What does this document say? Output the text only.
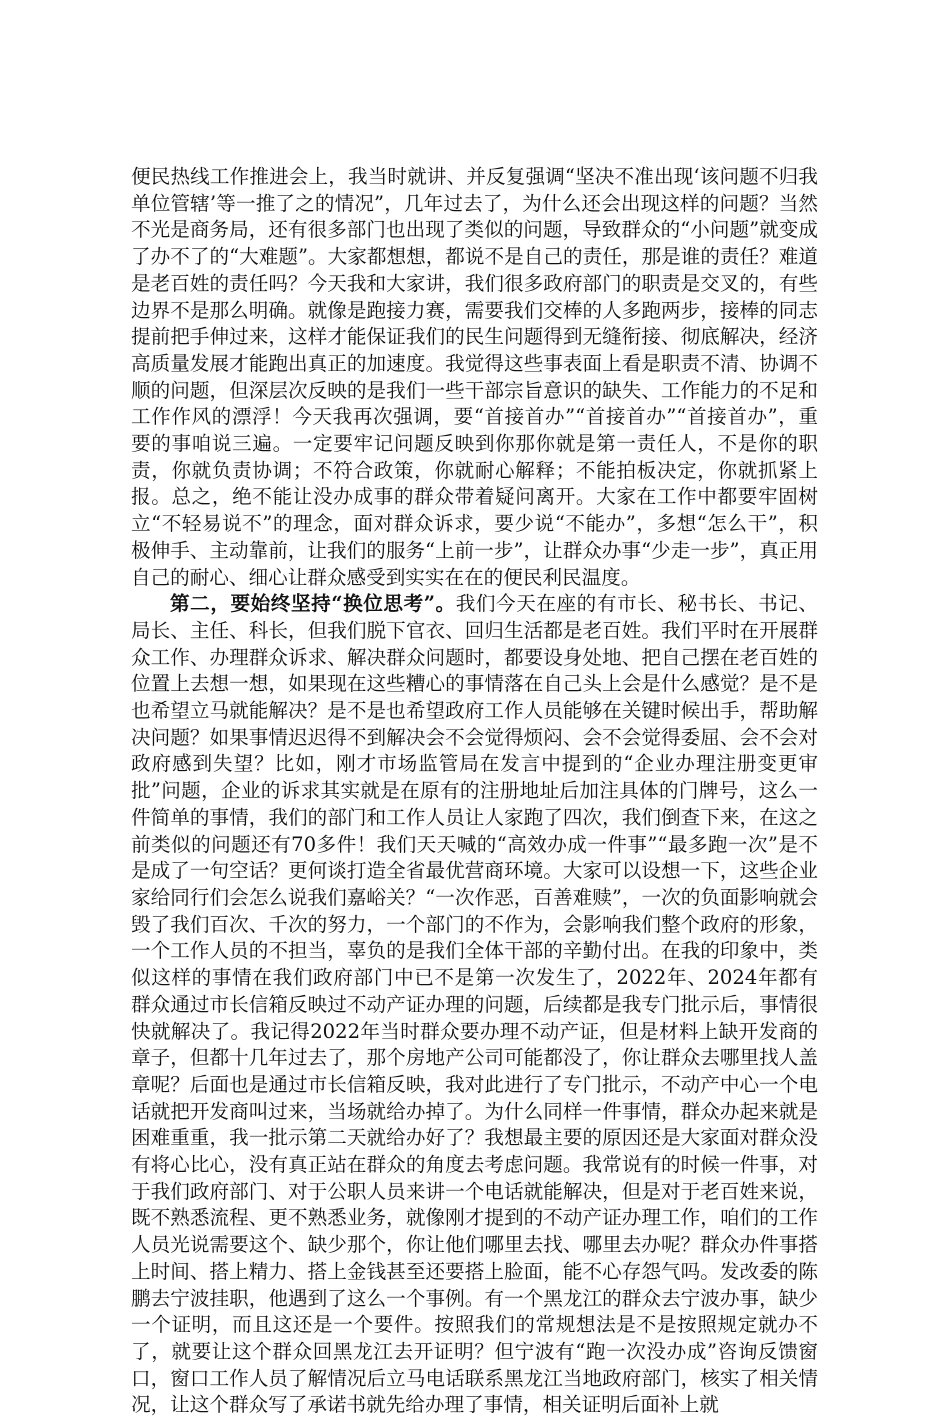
便民热线工作推进会上，我当时就讲、并反复强调“坚决不准出现‘该问题不归我单位管辖’等一推了之的情况”，几年过去了，为什么还会出现这样的问题？当然不光是商务局，还有很多部门也出现了类似的问题，导致群众的“小问题”就变成了办不了的“大难题”。大家都想想，都说不是自己的责任，那是谁的责任？难道是老百姓的责任吗？今天我和大家讲，我们很多政府部门的职责是交叉的，有些边界不是那么明确。就像是跑接力赛，需要我们交棒的人多跑两步，接棒的同志提前把手伸过来，这样才能保证我们的民生问题得到无缝衔接、彻底解决，经济高质量发展才能跑出真正的加速度。我觉得这些事表面上看是职责不清、协调不顺的问题，但深层次反映的是我们一些干部宗旨意识的缺失、工作能力的不足和工作作风的漂浮！今天我再次强调，要“首接首办”“首接首办”“首接首办”，重要的事咱说三遍。一定要牢记问题反映到你那你就是第一责任人，不是你的职责，你就负责协调；不符合政策，你就耐心解释；不能拍板决定，你就抓紧上报。总之，绝不能让没办成事的群众带着疑问离开。大家在工作中都要牢固树立“不轻易说不”的理念，面对群众诉求，要少说“不能办”，多想“怎么干”，积极伸手、主动靠前，让我们的服务“上前一步”，让群众办事“少走一步”，真正用自己的耐心、细心让群众感受到实实在在的便民利民温度。

第二，要始终坚持“换位思考”。我们今天在座的有市长、秘书长、书记、局长、主任、科长，但我们脱下官衣、回归生活都是老百姓。我们平时在开展群众工作、办理群众诉求、解决群众问题时，都要设身处地、把自己摆在老百姓的位置上去想一想，如果现在这些糟心的事情落在自己头上会是什么感觉？是不是也希望立马就能解决？是不是也希望政府工作人员能够在关键时候出手，帮助解决问题？如果事情迟迟得不到解决会不会觉得烦闷、会不会觉得委屈、会不会对政府感到失望？比如，刚才市场监管局在发言中提到的“企业办理注册变更审批”问题，企业的诉求其实就是在原有的注册地址后加注具体的门牌号，这么一件简单的事情，我们的部门和工作人员让人家跑了四次，我们倒查下来，在这之前类似的问题还有70多件！我们天天喊的“高效办成一件事”“最多跑一次”是不是成了一句空话？更何谈打造全省最优营商环境。大家可以设想一下，这些企业家给同行们会怎么说我们嘉峪关？“一次作恶，百善难赎”，一次的负面影响就会毁了我们百次、千次的努力，一个部门的不作为，会影响我们整个政府的形象，一个工作人员的不担当，辜负的是我们全体干部的辛勤付出。在我的印象中，类似这样的事情在我们政府部门中已不是第一次发生了，2022年、2024年都有群众通过市长信箱反映过不动产证办理的问题，后续都是我专门批示后，事情很快就解决了。我记得2022年当时群众要办理不动产证，但是材料上缺开发商的章子，但都十几年过去了，那个房地产公司可能都没了，你让群众去哪里找人盖章呢？后面也是通过市长信箱反映，我对此进行了专门批示，不动产中心一个电话就把开发商叫过来，当场就给办掉了。为什么同样一件事情，群众办起来就是困难重重，我一批示第二天就给办好了？我想最主要的原因还是大家面对群众没有将心比心，没有真正站在群众的角度去考虑问题。我常说有的时候一件事，对于我们政府部门、对于公职人员来讲一个电话就能解决，但是对于老百姓来说，既不熟悉流程、更不熟悉业务，就像刚才提到的不动产证办理工作，咱们的工作人员光说需要这个、缺少那个，你让他们哪里去找、哪里去办呢？群众办件事搭上时间、搭上精力、搭上金钱甚至还要搭上脸面，能不心存怨气吗。发改委的陈鹏去宁波挂职，他遇到了这么一个事例。有一个黑龙江的群众去宁波办事，缺少一个证明，而且这还是一个要件。按照我们的常规想法是不是按照规定就办不了，就要让这个群众回黑龙江去开证明？但宁波有“跑一次没办成”咨询反馈窗口，窗口工作人员了解情况后立马电话联系黑龙江当地政府部门，核实了相关情况，让这个群众写了承诺书就先给办理了事情，相关证明后面补上就
